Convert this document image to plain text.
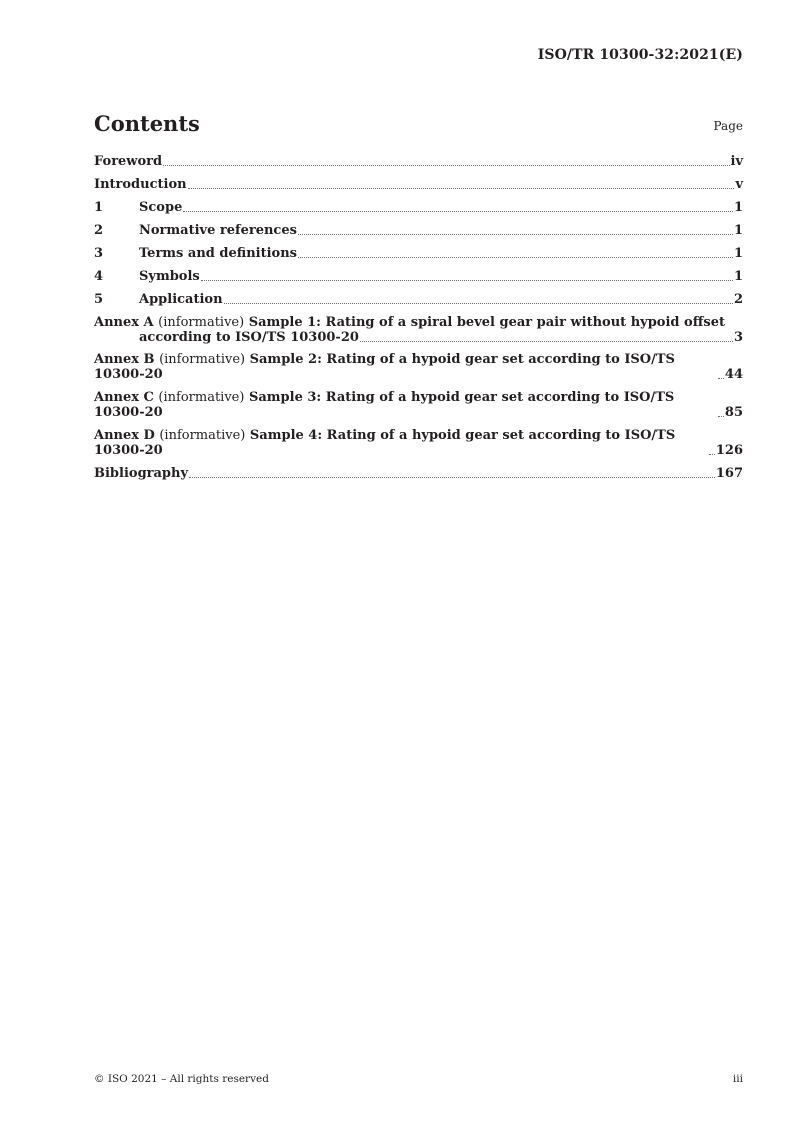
ISO/TR 10300-32:2021(E)
Contents	Page
Foreword	iv
Introduction	v
1	Scope	1
2	Normative references	1
3	Terms and definitions	1
4	Symbols	1
5	Application	2
Annex A (informative) Sample 1: Rating of a spiral bevel gear pair without hypoid offset
according to ISO/TS 10300-20	3
Annex B (informative) Sample 2: Rating of a hypoid gear set according to ISO/TS 10300-20	44
Annex C (informative) Sample 3: Rating of a hypoid gear set according to ISO/TS 10300-20	85
Annex D (informative) Sample 4: Rating of a hypoid gear set according to ISO/TS 10300-20	126
Bibliography	167
© ISO 2021 – All rights reserved	iii
